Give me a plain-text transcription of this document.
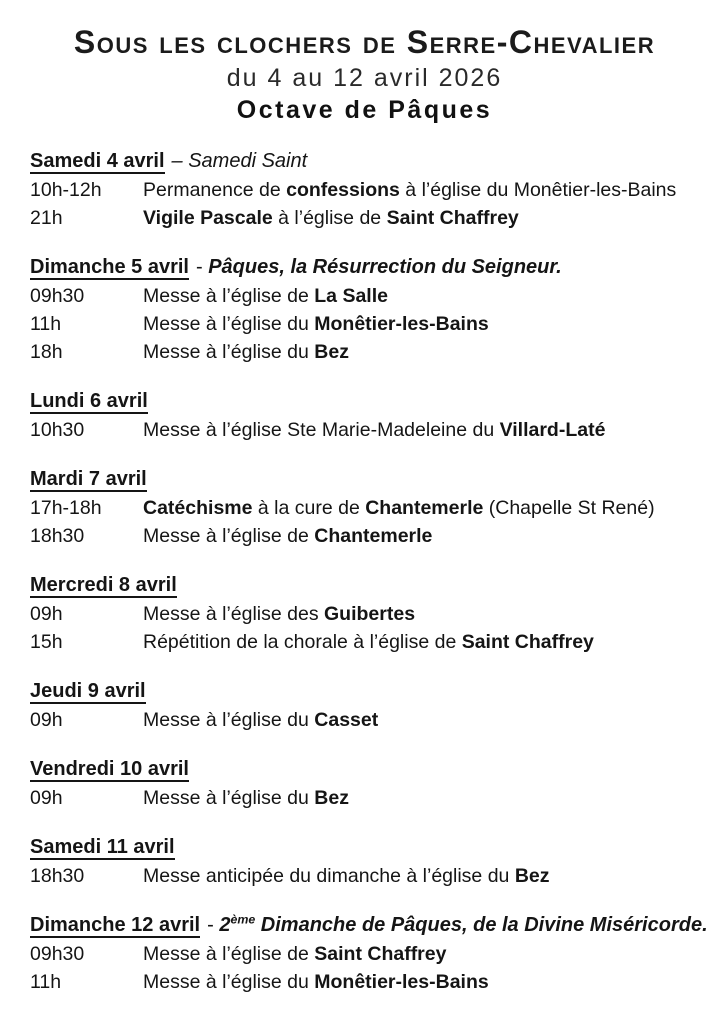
Sous les clochers de Serre-Chevalier
du 4 au 12 avril 2026
Octave de Pâques
Samedi 4 avril – Samedi Saint
10h-12h	Permanence de confessions à l’église du Monêtier-les-Bains
21h	Vigile Pascale à l’église de Saint Chaffrey
Dimanche 5 avril - Pâques, la Résurrection du Seigneur.
09h30	Messe à l’église de La Salle
11h	Messe à l’église du Monêtier-les-Bains
18h	Messe à l’église du Bez
Lundi 6 avril
10h30	Messe à l’église Ste Marie-Madeleine du Villard-Laté
Mardi 7 avril
17h-18h	Catéchisme à la cure de Chantemerle (Chapelle St René)
18h30	Messe à l’église de Chantemerle
Mercredi 8 avril
09h	Messe à l’église des Guibertes
15h	Répétition de la chorale à l’église de Saint Chaffrey
Jeudi 9 avril
09h	Messe à l’église du Casset
Vendredi 10 avril
09h	Messe à l’église du Bez
Samedi 11 avril
18h30	Messe anticipée du dimanche à l’église du Bez
Dimanche 12 avril - 2ème Dimanche de Pâques, de la Divine Miséricorde.
09h30	Messe à l’église de Saint Chaffrey
11h	Messe à l’église du Monêtier-les-Bains
